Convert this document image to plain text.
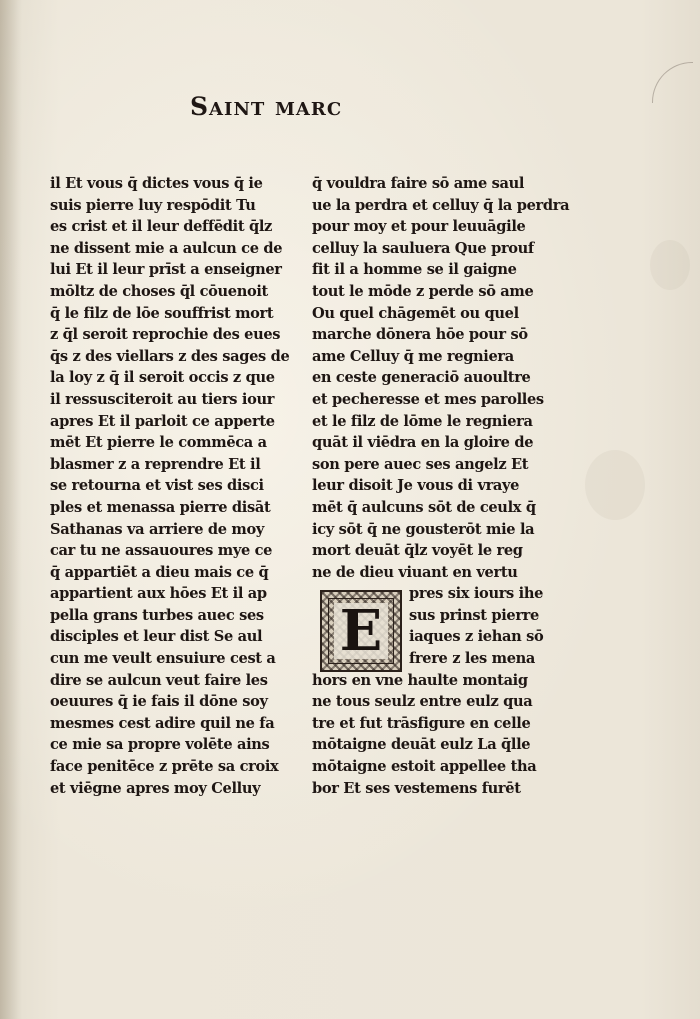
Saint marc
il Et vous q̄ dictes vous q̄ ie
suis pierre luy respōdit Tu
es crist et il leur deffēdit q̄lz
ne dissent mie a aulcun ce de
lui Et il leur prīst a enseigner
mōltz de choses q̄l cōuenoit
q̄ le filz de lōe souffrist mort
z q̄l seroit reprochie des eues
q̄s z des viellars z des sages de
la loy z q̄ il seroit occis z que
il ressusciteroit au tiers iour
apres Et il parloit ce apperte
mēt Et pierre le commēca a
blasmer z a reprendre Et il
se retourna et vist ses disci
ples et menassa pierre disāt
Sathanas va arriere de moy
car tu ne assauoures mye ce
q̄ appartiēt a dieu mais ce q̄
appartient aux hōes Et il ap
pella grans turbes auec ses
disciples et leur dist Se aul
cun me veult ensuiure cest a
dire se aulcun veut faire les
oeuures q̄ ie fais il dōne soy
mesmes cest adire quil ne fa
ce mie sa propre volēte ains
face penitēce z prēte sa croix
et viēgne apres moy Celluy
q̄ vouldra faire sō ame saul
ue la perdra et celluy q̄ la perdra
pour moy et pour leuuāgile
celluy la sauluera Que prouf
fit il a homme se il gaigne
tout le mōde z perde sō ame
Ou quel chāgemēt ou quel
marche dōnera hōe pour sō
ame Celluy q̄ me regniera
en ceste generaciō auoultre
et pecheresse et mes parolles
et le filz de lōme le regniera
quāt il viēdra en la gloire de
son pere auec ses angelz Et
leur disoit Je vous di vraye
mēt q̄ aulcuns sōt de ceulx q̄
icy sōt q̄ ne gousterōt mie la
mort deuāt q̄lz voyēt le reg
ne de dieu viuant en vertu
pres six iours ihe
sus prinst pierre
iaques z iehan sō
frere z les mena
hors en vne haulte montaig
ne tous seulz entre eulz qua
tre et fut trāsfigure en celle
mōtaigne deuāt eulz La q̄lle
mōtaigne estoit appellee tha
bor Et ses vestemens furēt
E
